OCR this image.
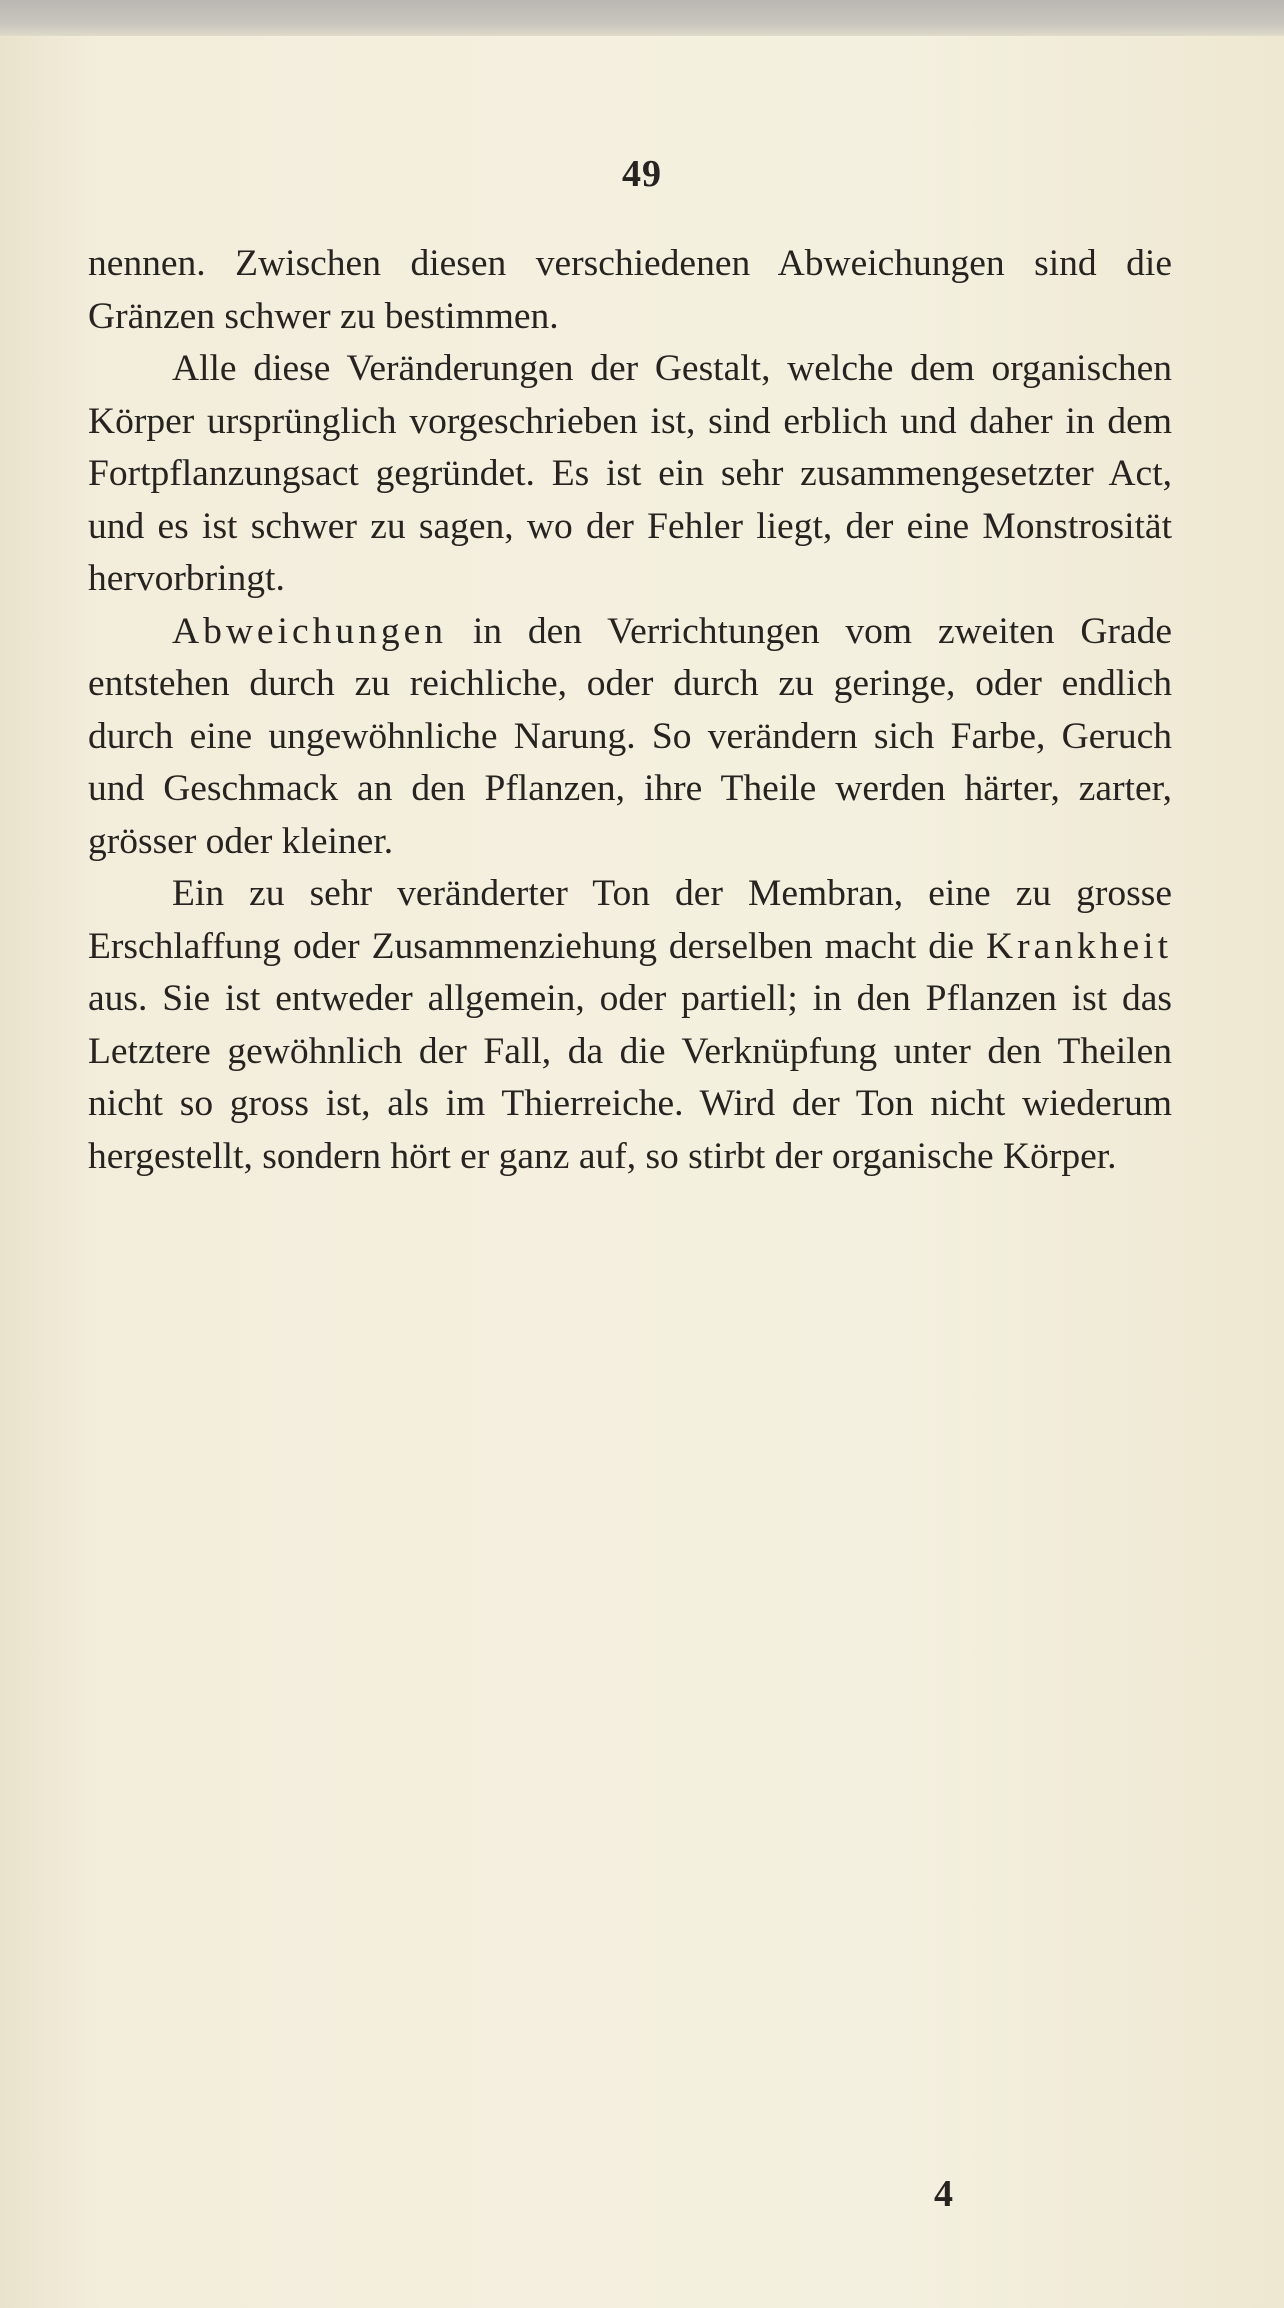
49

nennen. Zwischen diesen verschiedenen Abweichungen sind die Gränzen schwer zu bestimmen.

Alle diese Veränderungen der Gestalt, welche dem organischen Körper ursprünglich vorgeschrieben ist, sind erblich und daher in dem Fortpflanzungsact gegründet. Es ist ein sehr zusammengesetzter Act, und es ist schwer zu sagen, wo der Fehler liegt, der eine Monstrosität hervorbringt.

Abweichungen in den Verrichtungen vom zweiten Grade entstehen durch zu reichliche, oder durch zu geringe, oder endlich durch eine ungewöhnliche Narung. So verändern sich Farbe, Geruch und Geschmack an den Pflanzen, ihre Theile werden härter, zarter, grösser oder kleiner.

Ein zu sehr veränderter Ton der Membran, eine zu grosse Erschlaffung oder Zusammenziehung derselben macht die Krankheit aus. Sie ist entweder allgemein, oder partiell; in den Pflanzen ist das Letztere gewöhnlich der Fall, da die Verknüpfung unter den Theilen nicht so gross ist, als im Thierreiche. Wird der Ton nicht wiederum hergestellt, sondern hört er ganz auf, so stirbt der organische Körper.

4
